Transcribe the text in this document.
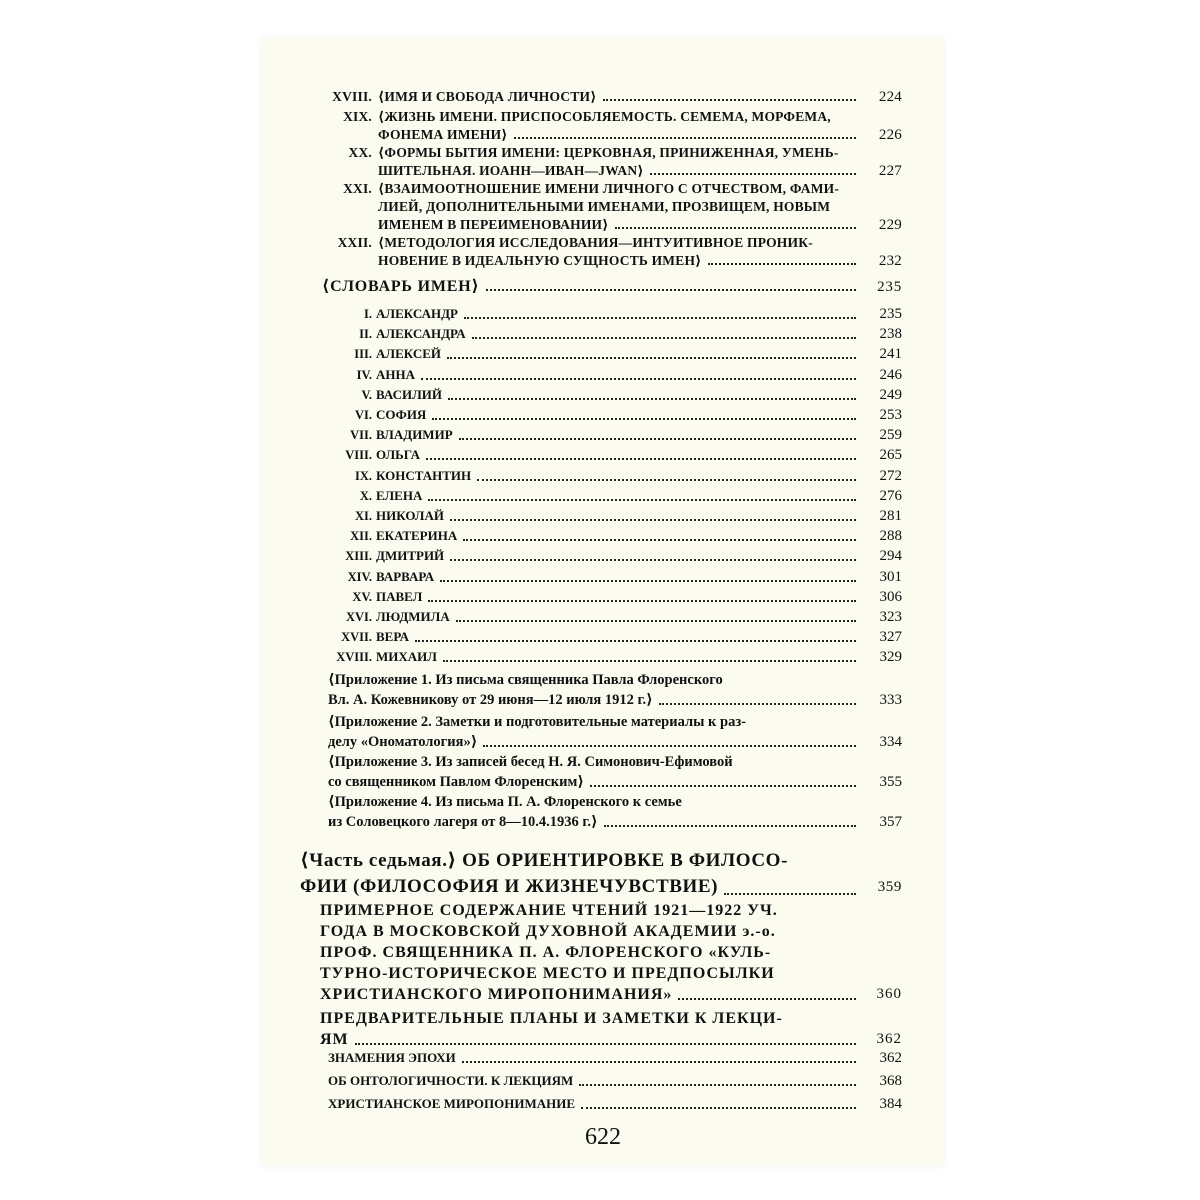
XVIII. ⟨ИМЯ И СВОБОДА ЛИЧНОСТИ⟩	224
XIX. ⟨ЖИЗНЬ ИМЕНИ. ПРИСПОСОБЛЯЕМОСТЬ. СЕМЕМА, МОРФЕМА,
ФОНЕМА ИМЕНИ⟩	226
XX. ⟨ФОРМЫ БЫТИЯ ИМЕНИ: ЦЕРКОВНАЯ, ПРИНИЖЕННАЯ, УМЕНЬ-
ШИТЕЛЬНАЯ. ИОАНН—ИВАН—JWAN⟩	227
XXI. ⟨ВЗАИМООТНОШЕНИЕ ИМЕНИ ЛИЧНОГО С ОТЧЕСТВОМ, ФАМИ-
ЛИЕЙ, ДОПОЛНИТЕЛЬНЫМИ ИМЕНАМИ, ПРОЗВИЩЕМ, НОВЫМ
ИМЕНЕМ В ПЕРЕИМЕНОВАНИИ⟩	229
XXII. ⟨МЕТОДОЛОГИЯ ИССЛЕДОВАНИЯ—ИНТУИТИВНОЕ ПРОНИК-
НОВЕНИЕ В ИДЕАЛЬНУЮ СУЩНОСТЬ ИМЕН⟩	232
⟨СЛОВАРЬ ИМЕН⟩	235
⟨Приложение 1. Из письма священника Павла Флоренского
Вл. А. Кожевникову от 29 июня—12 июля 1912 г.⟩	333
⟨Приложение 2. Заметки и подготовительные материалы к раз-
делу «Ономатология»⟩	334
⟨Приложение 3. Из записей бесед Н. Я. Симонович-Ефимовой
со священником Павлом Флоренским⟩	355
⟨Приложение 4. Из письма П. А. Флоренского к семье
из Соловецкого лагеря от 8—10.4.1936 г.⟩	357
⟨Часть седьмая.⟩ ОБ ОРИЕНТИРОВКЕ В ФИЛОСО-
ФИИ (ФИЛОСОФИЯ И ЖИЗНЕЧУВСТВИЕ)	359
ПРИМЕРНОЕ СОДЕРЖАНИЕ ЧТЕНИЙ 1921—1922 УЧ.
ГОДА В МОСКОВСКОЙ ДУХОВНОЙ АКАДЕМИИ э.-о.
ПРОФ. СВЯЩЕННИКА П. А. ФЛОРЕНСКОГО «КУЛЬ-
ТУРНО-ИСТОРИЧЕСКОЕ МЕСТО И ПРЕДПОСЫЛКИ
ХРИСТИАНСКОГО МИРОПОНИМАНИЯ»	360
ПРЕДВАРИТЕЛЬНЫЕ ПЛАНЫ И ЗАМЕТКИ К ЛЕКЦИ-
ЯМ	362
ЗНАМЕНИЯ ЭПОХИ	362
ОБ ОНТОЛОГИЧНОСТИ. К ЛЕКЦИЯМ	368
ХРИСТИАНСКОЕ МИРОПОНИМАНИЕ	384
622
I. АЛЕКСАНДР	235
II. АЛЕКСАНДРА	238
III. АЛЕКСЕЙ	241
IV. АННА	246
V. ВАСИЛИЙ	249
VI. СОФИЯ	253
VII. ВЛАДИМИР	259
VIII. ОЛЬГА	265
IX. КОНСТАНТИН	272
X. ЕЛЕНА	276
XI. НИКОЛАЙ	281
XII. ЕКАТЕРИНА	288
XIII. ДМИТРИЙ	294
XIV. ВАРВАРА	301
XV. ПАВЕЛ	306
XVI. ЛЮДМИЛА	323
XVII. ВЕРА	327
XVIII. МИХАИЛ	329
